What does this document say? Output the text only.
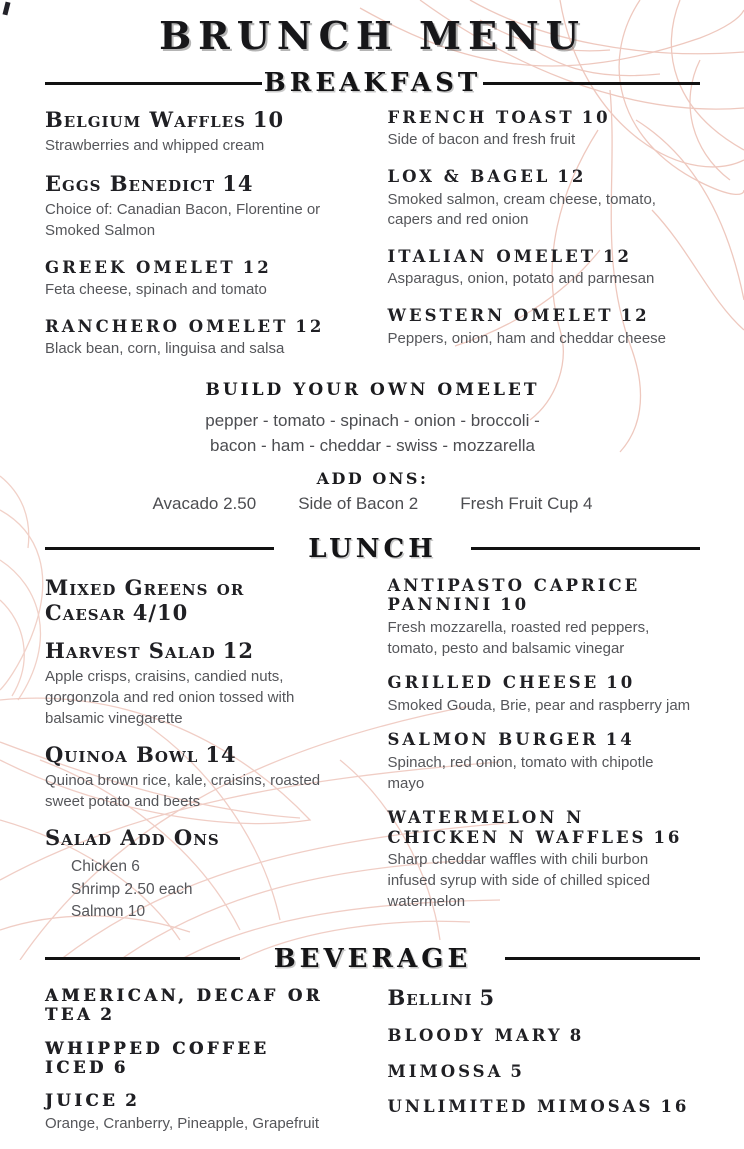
BRUNCH MENU
BREAKFAST
Belgium Waffles 10
Strawberries and whipped cream
Eggs Benedict 14
Choice of: Canadian Bacon, Florentine or Smoked Salmon
GREEK OMELET 12
Feta cheese, spinach and tomato
RANCHERO OMELET 12
Black bean, corn, linguisa and salsa
FRENCH TOAST 10
Side of bacon and fresh fruit
LOX & BAGEL 12
Smoked salmon, cream cheese, tomato, capers and red onion
ITALIAN OMELET 12
Asparagus, onion, potato and parmesan
WESTERN OMELET 12
Peppers, onion, ham and cheddar cheese
BUILD YOUR OWN OMELET
pepper - tomato - spinach - onion - broccoli -
bacon - ham - cheddar - swiss - mozzarella
ADD ONS:
Avacado 2.50 Side of Bacon 2 Fresh Fruit Cup 4
LUNCH
Mixed Greens or Caesar 4/10
Harvest Salad 12
Apple crisps, craisins, candied nuts, gorgonzola and red onion tossed with balsamic vinegarette
Quinoa Bowl 14
Quinoa brown rice, kale, craisins, roasted sweet potato and beets
Salad Add Ons
Chicken 6
Shrimp 2.50 each
Salmon 10
ANTIPASTO CAPRICE PANNINI 10
Fresh mozzarella, roasted red peppers, tomato, pesto and balsamic vinegar
GRILLED CHEESE 10
Smoked Gouda, Brie, pear and raspberry jam
SALMON BURGER 14
Spinach, red onion, tomato with chipotle mayo
WATERMELON N CHICKEN N WAFFLES 16
Sharp cheddar waffles with chili burbon infused syrup with side of chilled spiced watermelon
BEVERAGE
AMERICAN, DECAF OR TEA 2
WHIPPED COFFEE ICED 6
JUICE 2
Orange, Cranberry, Pineapple, Grapefruit
Bellini 5
BLOODY MARY 8
MIMOSSA 5
UNLIMITED MIMOSAS 16
